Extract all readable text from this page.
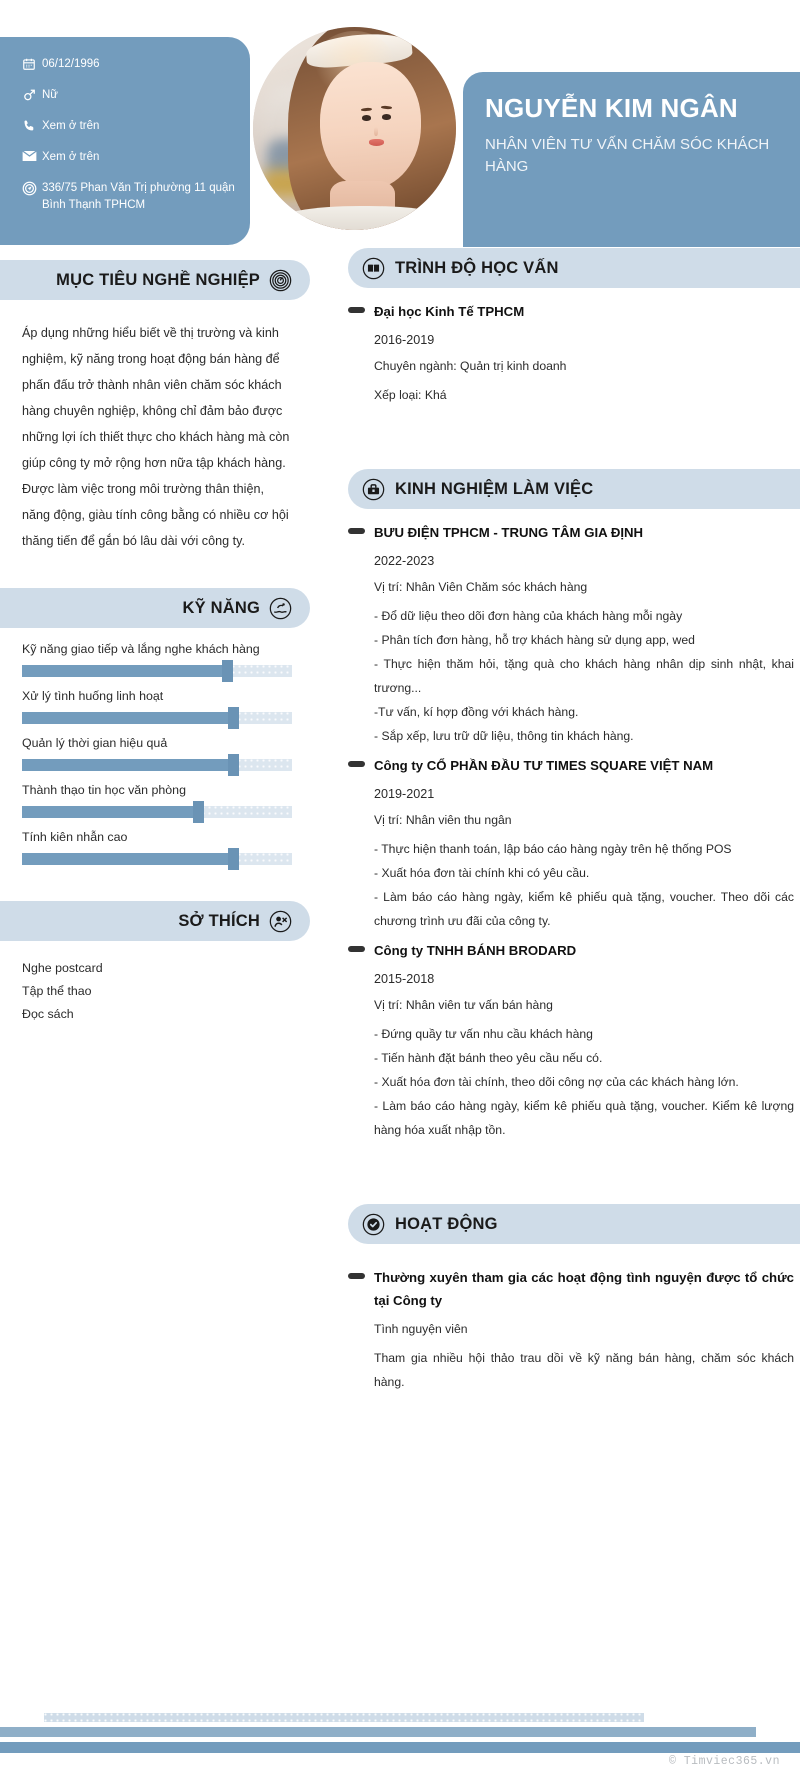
06/12/1996
Nữ
Xem ở trên
Xem ở trên
336/75 Phan Văn Trị phường 11 quận Bình Thạnh TPHCM
NGUYỄN KIM NGÂN
NHÂN VIÊN TƯ VẤN CHĂM SÓC KHÁCH HÀNG
MỤC TIÊU NGHỀ NGHIỆP
Áp dụng những hiểu biết về thị trường và kinh nghiệm, kỹ năng trong hoạt động bán hàng để phấn đấu trở thành nhân viên chăm sóc khách hàng chuyên nghiệp, không chỉ đảm bảo được những lợi ích thiết thực cho khách hàng mà còn giúp công ty mở rộng hơn nữa tập khách hàng. Được làm việc trong môi trường thân thiện, năng động, giàu tính công bằng có nhiều cơ hội thăng tiến để gắn bó lâu dài với công ty.
KỸ NĂNG
Kỹ năng giao tiếp và lắng nghe khách hàng
Xử lý tình huống linh hoạt
Quản lý thời gian hiệu quả
Thành thạo tin học văn phòng
Tính kiên nhẫn cao
SỞ THÍCH
Nghe postcard
Tập thể thao
Đọc sách
TRÌNH ĐỘ HỌC VẤN
Đại học Kinh Tế TPHCM
2016-2019
Chuyên ngành: Quản trị kinh doanh
Xếp loại: Khá
KINH NGHIỆM LÀM VIỆC
BƯU ĐIỆN TPHCM - TRUNG TÂM GIA ĐỊNH
2022-2023
Vị trí: Nhân Viên Chăm sóc khách hàng
- Đổ dữ liệu theo dõi đơn hàng của khách hàng mỗi ngày
- Phân tích đơn hàng, hỗ trợ khách hàng sử dụng app, wed
- Thực hiện thăm hỏi, tặng quà cho khách hàng nhân dịp sinh nhật, khai trương...
-Tư vấn, kí hợp đồng với khách hàng.
- Sắp xếp, lưu trữ dữ liệu, thông tin khách hàng.
Công ty CỔ PHẦN ĐẦU TƯ TIMES SQUARE VIỆT NAM
2019-2021
Vị trí: Nhân viên thu ngân
- Thực hiện thanh toán, lập báo cáo hàng ngày trên hệ thống POS
- Xuất hóa đơn tài chính khi có yêu cầu.
- Làm báo cáo hàng ngày, kiểm kê phiếu quà tặng, voucher. Theo dõi các chương trình ưu đãi của công ty.
Công ty TNHH BÁNH BRODARD
2015-2018
Vị trí: Nhân viên tư vấn bán hàng
- Đứng quầy tư vấn nhu cầu khách hàng
- Tiến hành đặt bánh theo yêu cầu nếu có.
- Xuất hóa đơn tài chính, theo dõi công nợ của các khách hàng lớn.
- Làm báo cáo hàng ngày, kiểm kê phiếu quà tặng, voucher. Kiểm kê lượng hàng hóa xuất nhập tồn.
HOẠT ĐỘNG
Thường xuyên tham gia các hoạt động tình nguyện được tổ chức tại Công ty
Tình nguyện viên
Tham gia nhiều hội thảo trau dồi về kỹ năng bán hàng, chăm sóc khách hàng.
© Timviec365.vn
